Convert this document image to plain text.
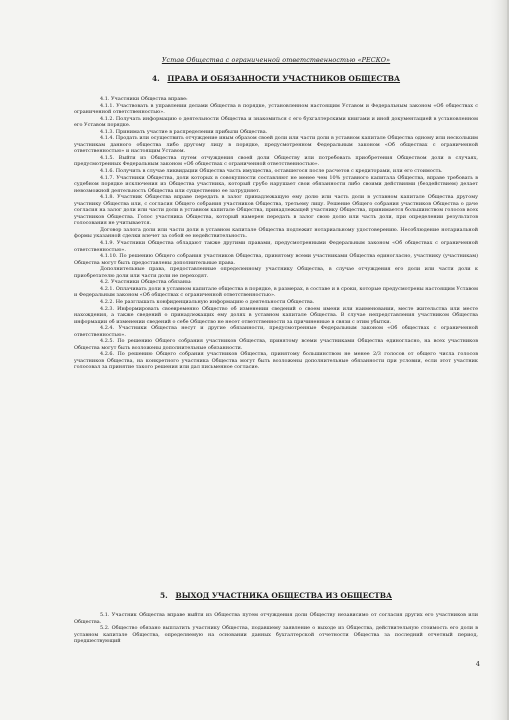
Устав Общества с ограниченной ответственностью «РЕСКО»
4. ПРАВА И ОБЯЗАННОСТИ УЧАСТНИКОВ ОБЩЕСТВА

4.1. Участники Общества вправе:

4.1.1. Участвовать в управлении делами Общества в порядке, установленном настоящим Уставом и Федеральным законом «Об обществах с ограниченной ответственностью».

4.1.2. Получать информацию о деятельности Общества и знакомиться с его бухгалтерскими книгами и иной документацией в установленном его Уставом порядке.

4.1.3. Принимать участие в распределении прибыли Общества.

4.1.4. Продать или осуществить отчуждение иным образом своей доли или части доли в уставном капитале Общества одному или нескольким участникам данного общества либо другому лицу в порядке, предусмотренном Федеральным законом «Об обществах с ограниченной ответственностью» и настоящим Уставом.

4.1.5. Выйти из Общества путем отчуждения своей доли Обществу или потребовать приобретения Обществом доли в случаях, предусмотренных Федеральным законом «Об обществах с ограниченной ответственностью».

4.1.6. Получить в случае ликвидации Общества часть имущества, оставшегося после расчетов с кредиторами, или его стоимость.

4.1.7. Участники Общества, доли которых в совокупности составляют не менее чем 10% уставного капитала Общества, вправе требовать в судебном порядке исключения из Общества участника, который грубо нарушает свои обязанности либо своими действиями (бездействием) делает невозможной деятельность Общества или существенно ее затрудняет.

4.1.8. Участник Общества вправе передать в залог принадлежащую ему долю или часть доли в уставном капитале Общества другому участнику Общества или, с согласия Общего собрания участников Общества, третьему лицу. Решение Общего собрания участников Общества о даче согласия на залог доли или части доли в уставном капитале Общества, принадлежащей участнику Общества, принимается большинством голосов всех участников Общества. Голос участника Общества, который намерен передать в залог свою долю или часть доли, при определении результатов голосования не учитывается.

Договор залога доли или части доли в уставном капитале Общества подлежит нотариальному удостоверению. Несоблюдение нотариальной формы указанной сделки влечет за собой ее недействительность.

4.1.9. Участники Общества обладают также другими правами, предусмотренными Федеральным законом «Об обществах с ограниченной ответственностью».

4.1.10. По решению Общего собрания участников Общества, принятому всеми участниками Общества единогласно, участнику (участникам) Общества могут быть предоставлены дополнительные права.

Дополнительные права, предоставленные определенному участнику Общества, в случае отчуждения его доли или части доли к приобретателю доли или части доли не переходят.

4.2. Участники Общества обязаны:

4.2.1. Оплачивать доли в уставном капитале общества в порядке, в размерах, в составе и в сроки, которые предусмотрены настоящим Уставом и Федеральным законом «Об обществах с ограниченной ответственностью».

4.2.2. Не разглашать конфиденциальную информацию о деятельности Общества.

4.2.3. Информировать своевременно Общество об изменении сведений о своем имени или наименовании, месте жительства или месте нахождения, а также сведений о принадлежащих ему долях в уставном капитале Общества. В случае непредставления участником Общества информации об изменении сведений о себе Общество не несет ответственности за причиненные в связи с этим убытки.

4.2.4. Участники Общества несут и другие обязанности, предусмотренные Федеральным законом «Об обществах с ограниченной ответственностью».

4.2.5. По решению Общего собрания участников Общества, принятому всеми участниками Общества единогласно, на всех участников Общества могут быть возложены дополнительные обязанности.

4.2.6. По решению Общего собрания участников Общества, принятому большинством не менее 2/3 голосов от общего числа голосов участников Общества, на конкретного участника Общества могут быть возложены дополнительные обязанности при условии, если этот участник голосовал за принятие такого решения или дал письменное согласие.

5. ВЫХОД УЧАСТНИКА ОБЩЕСТВА ИЗ ОБЩЕСТВА

5.1. Участник Общества вправе выйти из Общества путем отчуждения доли Обществу независимо от согласия других его участников или Общества.

5.2. Общество обязано выплатить участнику Общества, подавшему заявление о выходе из Общества, действительную стоимость его доли в уставном капитале Общества, определяемую на основании данных бухгалтерской отчетности Общества за последний отчетный период, предшествующий

4
